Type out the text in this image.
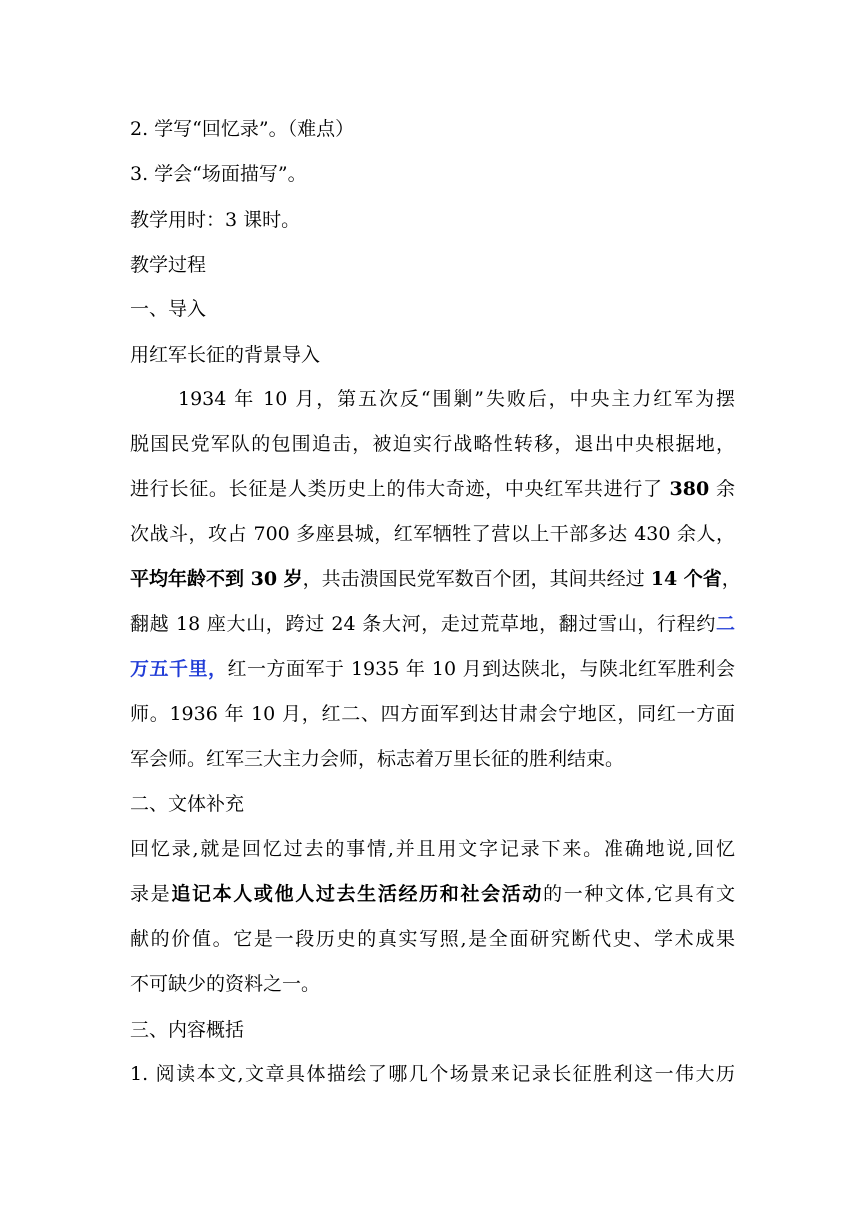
2. 学写“回忆录”。（难点）
3. 学会“场面描写”。
教学用时：3 课时。
教学过程
一、导入
用红军长征的背景导入
1934 年 10 月，第五次反“围剿”失败后，中央主力红军为摆
脱国民党军队的包围追击，被迫实行战略性转移，退出中央根据地，
进行长征。长征是人类历史上的伟大奇迹，中央红军共进行了 380 余
次战斗，攻占 700 多座县城，红军牺牲了营以上干部多达 430 余人，
平均年龄不到 30 岁，共击溃国民党军数百个团，其间共经过 14 个省，
翻越 18 座大山，跨过 24 条大河，走过荒草地，翻过雪山，行程约二
万五千里，红一方面军于 1935 年 10 月到达陕北，与陕北红军胜利会
师。1936 年 10 月，红二、四方面军到达甘肃会宁地区，同红一方面
军会师。红军三大主力会师，标志着万里长征的胜利结束。
二、文体补充
回忆录,就是回忆过去的事情,并且用文字记录下来。准确地说,回忆
录是追记本人或他人过去生活经历和社会活动的一种文体,它具有文
献的价值。它是一段历史的真实写照,是全面研究断代史、学术成果
不可缺少的资料之一。
三、内容概括
1. 阅读本文,文章具体描绘了哪几个场景来记录长征胜利这一伟大历
